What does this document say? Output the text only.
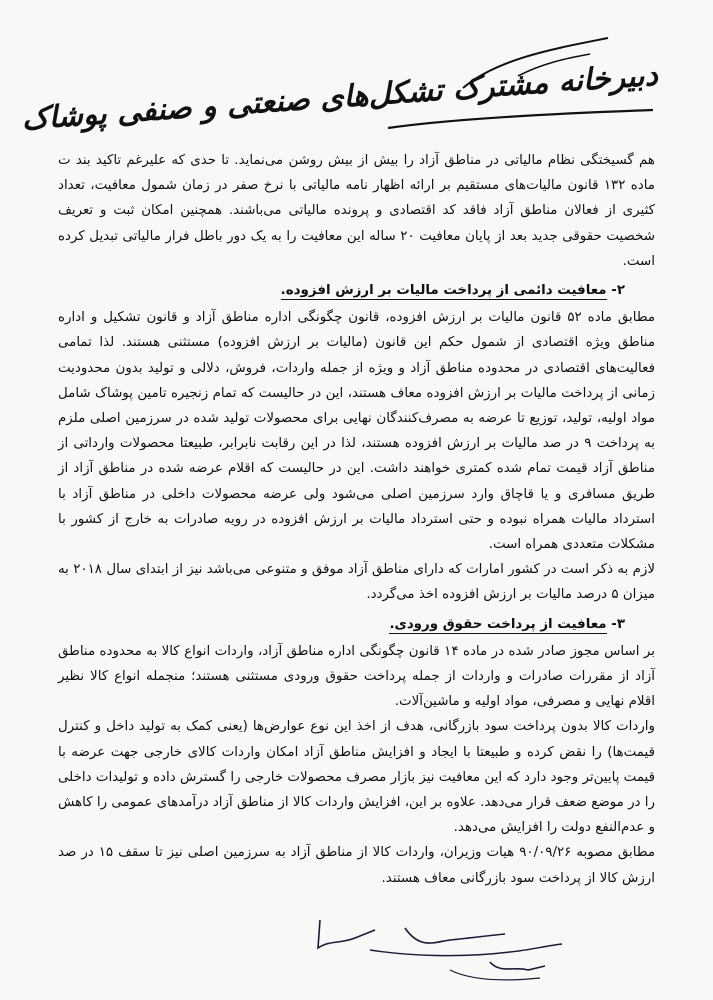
دبیرخانه مشترک تشکل‌های صنعتی و صنفی پوشاک

هم گسیختگی نظام مالیاتی در مناطق آزاد را بیش از بیش روشن می‌نماید. تا حدی که علیرغم تاکید بند ت ماده ۱۳۲ قانون مالیات‌های مستقیم بر ارائه اظهار نامه مالیاتی با نرخ صفر در زمان شمول معافیت، تعداد کثیری از فعالان مناطق آزاد فاقد کد اقتصادی و پرونده مالیاتی می‌باشند. همچنین امکان ثبت و تعریف شخصیت حقوقی جدید بعد از پایان معافیت ۲۰ ساله این معافیت را به یک دور باطل فرار مالیاتی تبدیل کرده است.

۲- معافیت دائمی از پرداخت مالیات بر ارزش افزوده.

مطابق ماده ۵۲ قانون مالیات بر ارزش افزوده، قانون چگونگی اداره مناطق آزاد و قانون تشکیل و اداره مناطق ویژه اقتصادی از شمول حکم این قانون (مالیات بر ارزش افزوده) مستثنی هستند. لذا تمامی فعالیت‌های اقتصادی در محدوده مناطق آزاد و ویژه از جمله واردات، فروش، دلالی و تولید بدون محدودیت زمانی از پرداخت مالیات بر ارزش افزوده معاف هستند، این در حالیست که تمام زنجیره تامین پوشاک شامل مواد اولیه، تولید، توزیع تا عرضه به مصرف‌کنندگان نهایی برای محصولات تولید شده در سرزمین اصلی ملزم به پرداخت ۹ در صد مالیات بر ارزش افزوده هستند، لذا در این رقابت نابرابر، طبیعتا محصولات وارداتی از مناطق آزاد قیمت تمام شده کمتری خواهند داشت. این در حالیست که اقلام عرضه شده در مناطق آزاد از طریق مسافری و یا قاچاق وارد سرزمین اصلی می‌شود ولی عرضه محصولات داخلی در مناطق آزاد با استرداد مالیات همراه نبوده و حتی استرداد مالیات بر ارزش افزوده در رویه صادرات به خارج از کشور با مشکلات متعددی همراه است.

لازم به ذکر است در کشور امارات که دارای مناطق آزاد موفق و متنوعی می‌باشد نیز از ابتدای سال ۲۰۱۸ به میزان ۵ درصد مالیات بر ارزش افزوده اخذ می‌گردد.

۳- معافیت از پرداخت حقوق ورودی.

بر اساس مجوز صادر شده در ماده ۱۴ قانون چگونگی اداره مناطق آزاد، واردات انواع کالا به محدوده مناطق آزاد از مقررات صادرات و واردات از جمله پرداخت حقوق ورودی مستثنی هستند؛ منجمله انواع کالا نظیر اقلام نهایی و مصرفی، مواد اولیه و ماشین‌آلات.

واردات کالا بدون پرداخت سود بازرگانی، هدف از اخذ این نوع عوارض‌ها (یعنی کمک به تولید داخل و کنترل قیمت‌ها) را نقض کرده و طبیعتا با ایجاد و افزایش مناطق آزاد امکان واردات کالای خارجی جهت عرضه با قیمت پایین‌تر وجود دارد که این معافیت نیز بازار مصرف محصولات خارجی را گسترش داده و تولیدات داخلی را در موضع ضعف قرار می‌دهد. علاوه بر این، افزایش واردات کالا از مناطق آزاد درآمدهای عمومی را کاهش و عدم‌النفع دولت را افزایش می‌دهد.

مطابق مصوبه ۹۰/۰۹/۲۶ هیات وزیران، واردات کالا از مناطق آزاد به سرزمین اصلی نیز تا سقف ۱۵ در صد ارزش کالا از پرداخت سود بازرگانی معاف هستند.
